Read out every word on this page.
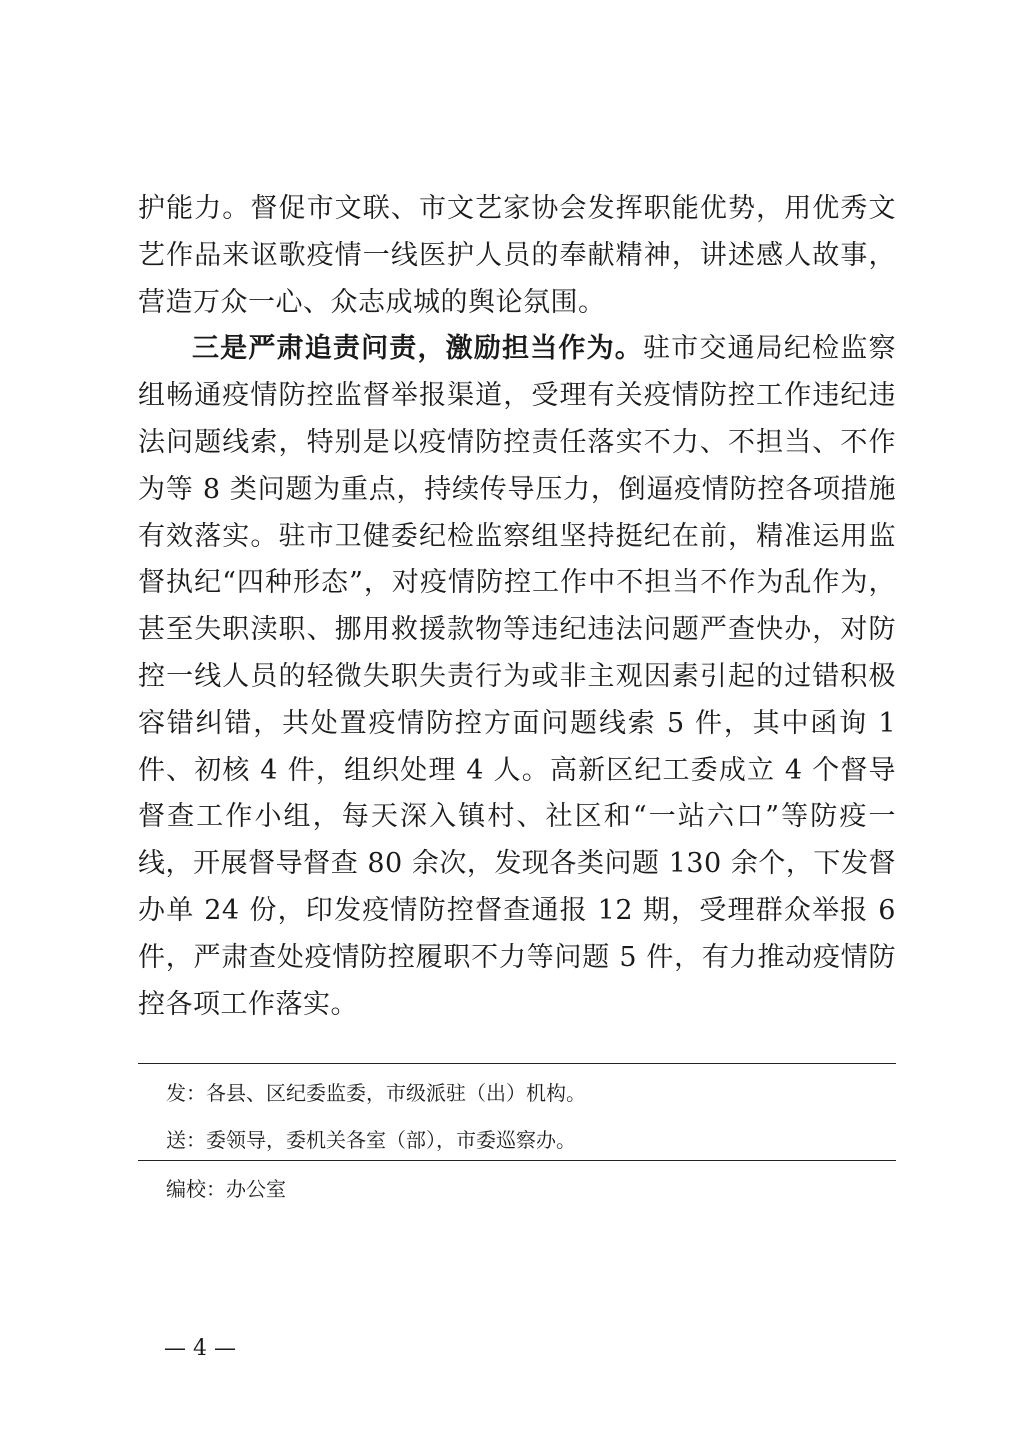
护能力。督促市文联、市文艺家协会发挥职能优势，用优秀文艺作品来讴歌疫情一线医护人员的奉献精神，讲述感人故事，营造万众一心、众志成城的舆论氛围。

三是严肃追责问责，激励担当作为。驻市交通局纪检监察组畅通疫情防控监督举报渠道，受理有关疫情防控工作违纪违法问题线索，特别是以疫情防控责任落实不力、不担当、不作为等 8 类问题为重点，持续传导压力，倒逼疫情防控各项措施有效落实。驻市卫健委纪检监察组坚持挺纪在前，精准运用监督执纪“四种形态”，对疫情防控工作中不担当不作为乱作为，甚至失职渎职、挪用救援款物等违纪违法问题严查快办，对防控一线人员的轻微失职失责行为或非主观因素引起的过错积极容错纠错，共处置疫情防控方面问题线索 5 件，其中函询 1 件、初核 4 件，组织处理 4 人。高新区纪工委成立 4 个督导督查工作小组，每天深入镇村、社区和“一站六口”等防疫一线，开展督导督查 80 余次，发现各类问题 130 余个，下发督办单 24 份，印发疫情防控督查通报 12 期，受理群众举报 6 件，严肃查处疫情防控履职不力等问题 5 件，有力推动疫情防控各项工作落实。

发：各县、区纪委监委，市级派驻（出）机构。
送：委领导，委机关各室（部），市委巡察办。
编校：办公室
— 4 —
